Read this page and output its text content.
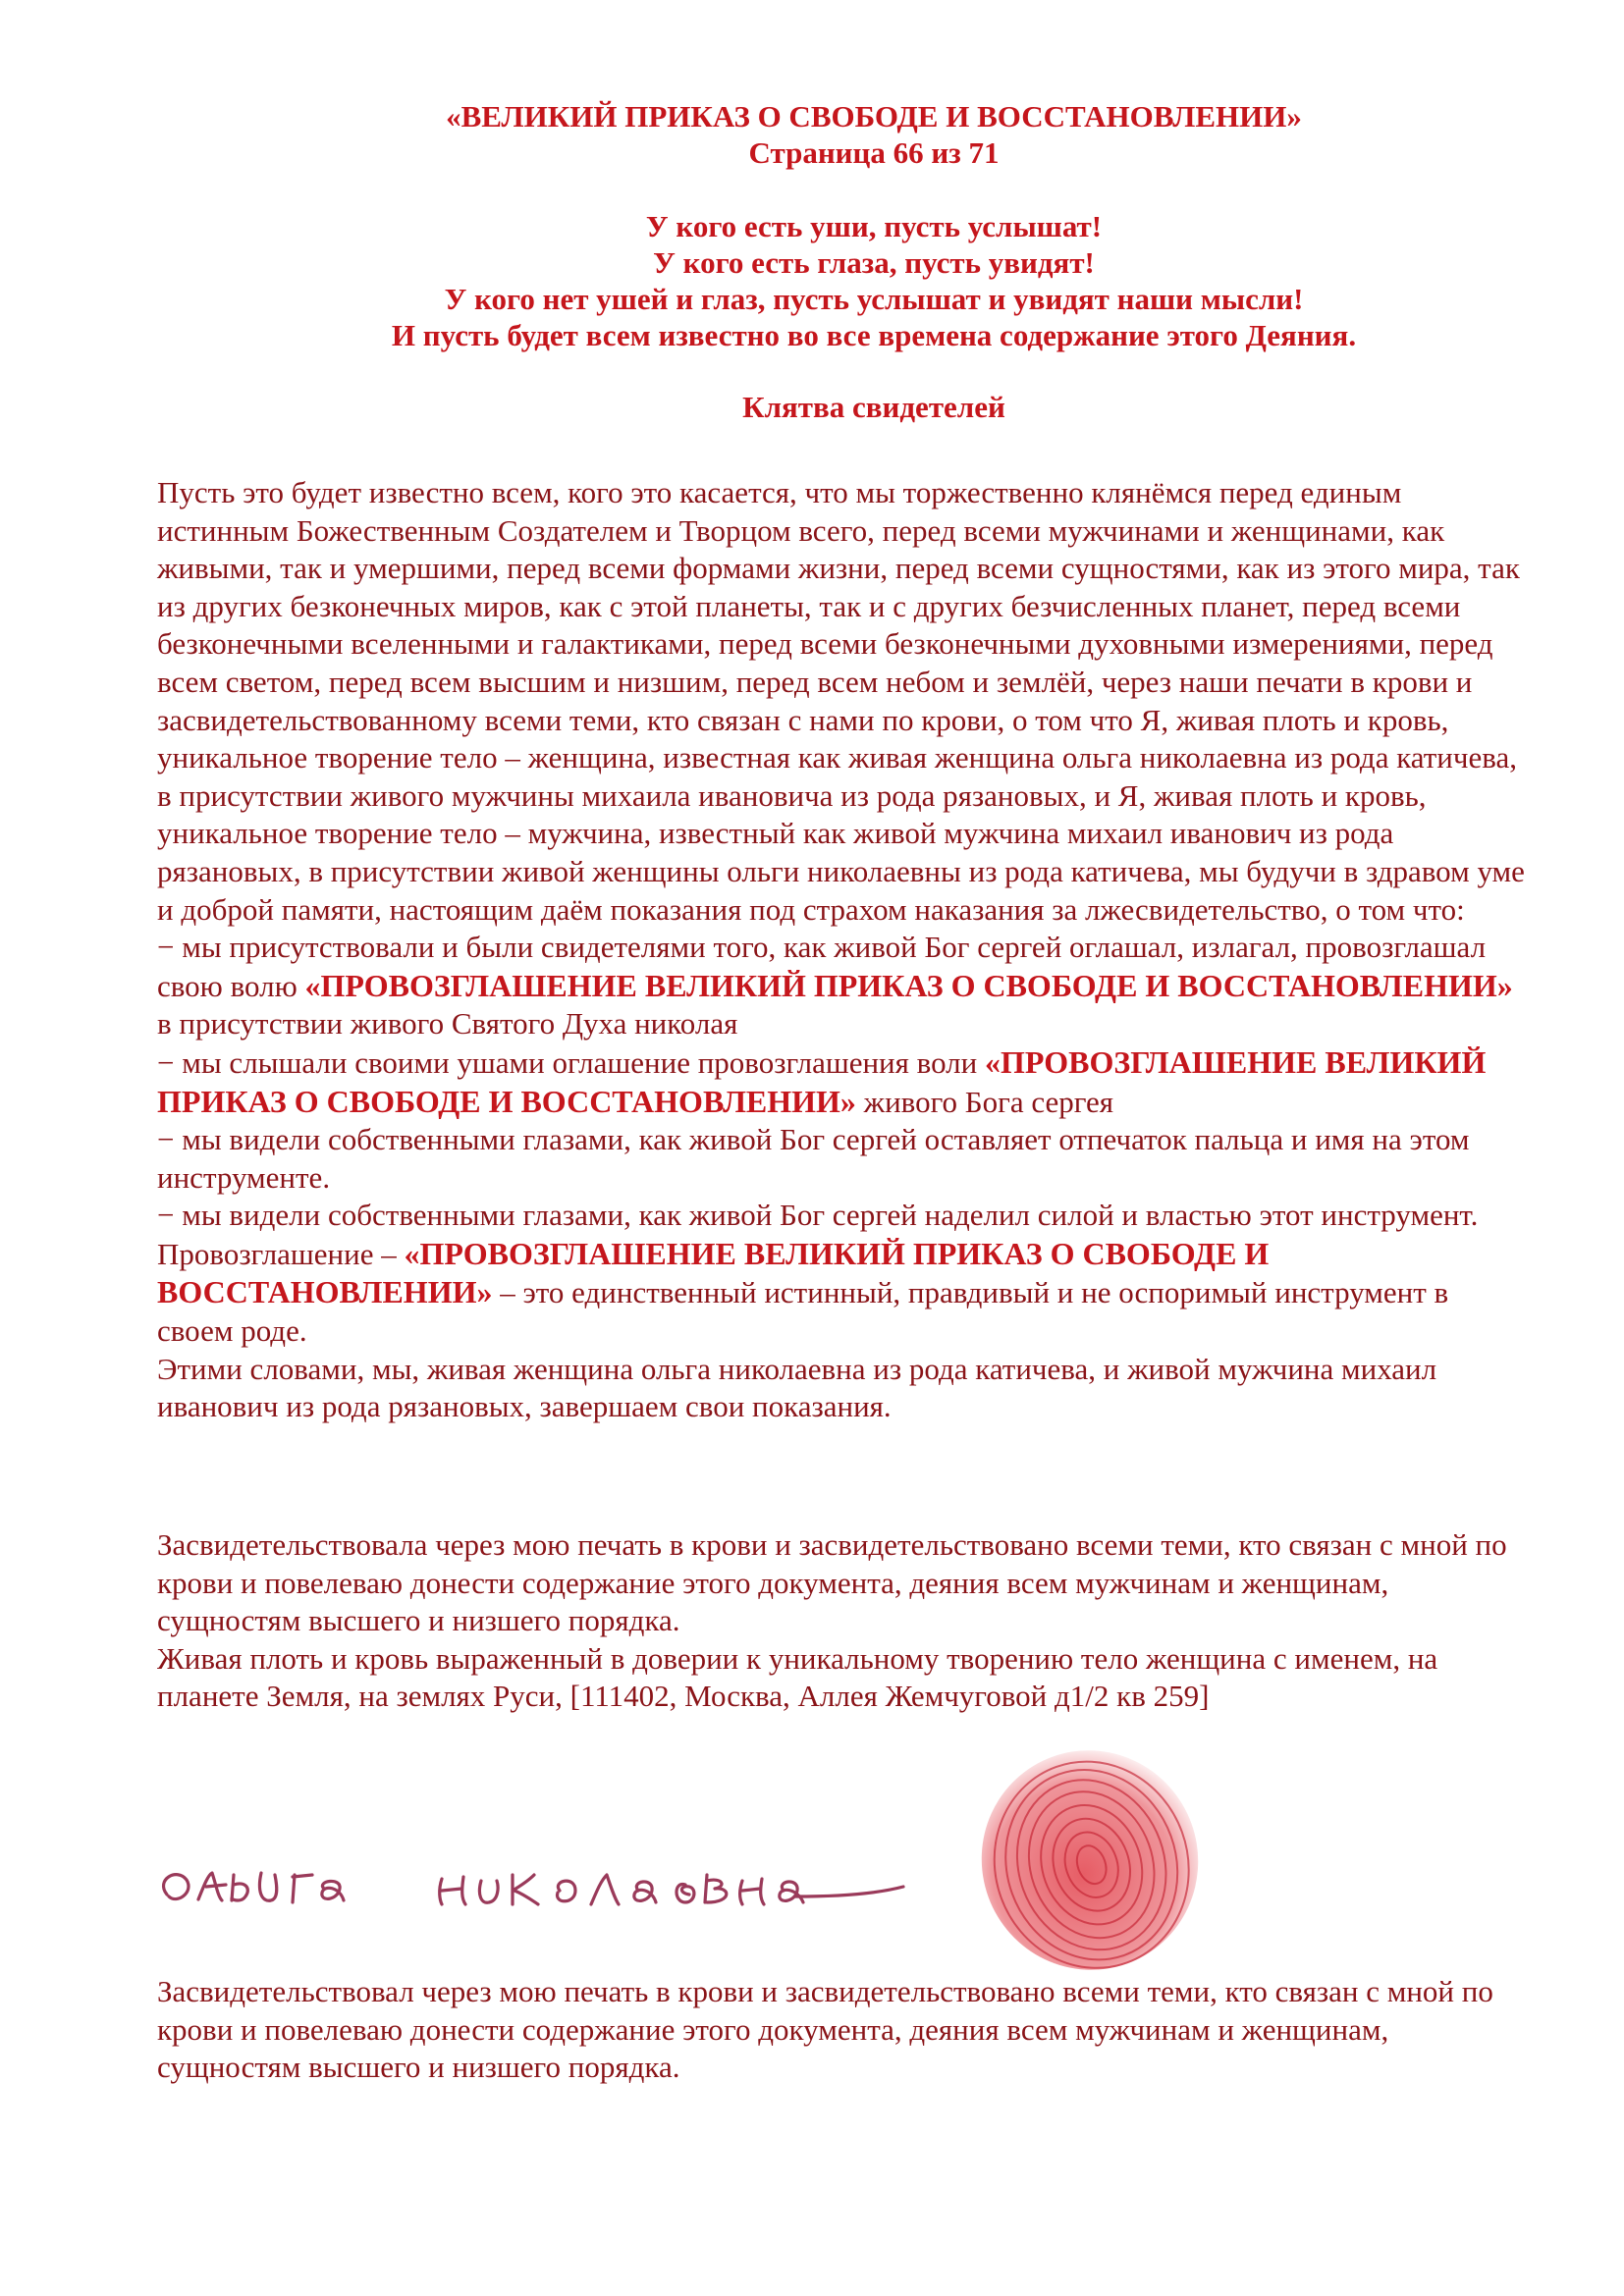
«ВЕЛИКИЙ ПРИКАЗ О СВОБОДЕ И ВОССТАНОВЛЕНИИ»

Страница 66 из 71

У кого есть уши, пусть услышат!

У кого есть глаза, пусть увидят!

У кого нет ушей и глаз, пусть услышат и увидят наши мысли!

И пусть будет всем известно во все времена содержание этого Деяния.

Клятва свидетелей

Пусть это будет известно всем, кого это касается, что мы торжественно клянёмся перед единым истинным Божественным Создателем и Творцом всего, перед всеми мужчинами и женщинами, как живыми, так и умершими, перед всеми формами жизни, перед всеми сущностями, как из этого мира, так из других безконечных миров, как с этой планеты, так и с других безчисленных планет, перед всеми безконечными вселенными и галактиками, перед всеми безконечными духовными измерениями, перед всем светом, перед всем высшим и низшим, перед всем небом и землёй, через наши печати в крови и засвидетельствованному всеми теми, кто связан с нами по крови, о том что Я, живая плоть и кровь, уникальное творение тело – женщина, известная как живая женщина ольга николаевна из рода катичева, в присутствии живого мужчины михаила ивановича из рода рязановых, и Я, живая плоть и кровь, уникальное творение тело – мужчина, известный как живой мужчина михаил иванович из рода рязановых, в присутствии живой женщины ольги николаевны из рода катичева, мы будучи в здравом уме и доброй памяти, настоящим даём показания под страхом наказания за лжесвидетельство, о том что:

− мы присутствовали и были свидетелями того, как живой Бог сергей оглашал, излагал, провозглашал свою волю «ПРОВОЗГЛАШЕНИЕ ВЕЛИКИЙ ПРИКАЗ О СВОБОДЕ И ВОССТАНОВЛЕНИИ» в присутствии живого Святого Духа николая

− мы слышали своими ушами оглашение провозглашения воли «ПРОВОЗГЛАШЕНИЕ ВЕЛИКИЙ ПРИКАЗ О СВОБОДЕ И ВОССТАНОВЛЕНИИ» живого Бога сергея

− мы видели собственными глазами, как живой Бог сергей оставляет отпечаток пальца и имя на этом инструменте.

− мы видели собственными глазами, как живой Бог сергей наделил силой и властью этот инструмент.

Провозглашение – «ПРОВОЗГЛАШЕНИЕ ВЕЛИКИЙ ПРИКАЗ О СВОБОДЕ И ВОССТАНОВЛЕНИИ» – это единственный истинный, правдивый и не оспоримый инструмент в своем роде.

Этими словами, мы, живая женщина ольга николаевна из рода катичева, и живой мужчина михаил иванович из рода рязановых, завершаем свои показания.

Засвидетельствовала через мою печать в крови и засвидетельствовано всеми теми, кто связан с мной по крови и повелеваю донести содержание этого документа, деяния всем мужчинам и женщинам, сущностям высшего и низшего порядка.

Живая плоть и кровь выраженный в доверии к уникальному творению тело женщина с именем, на планете Земля, на землях Руси, [111402, Москва, Аллея Жемчуговой д1/2 кв 259]

Засвидетельствовал через мою печать в крови и засвидетельствовано всеми теми, кто связан с мной по крови и повелеваю донести содержание этого документа, деяния всем мужчинам и женщинам, сущностям высшего и низшего порядка.
